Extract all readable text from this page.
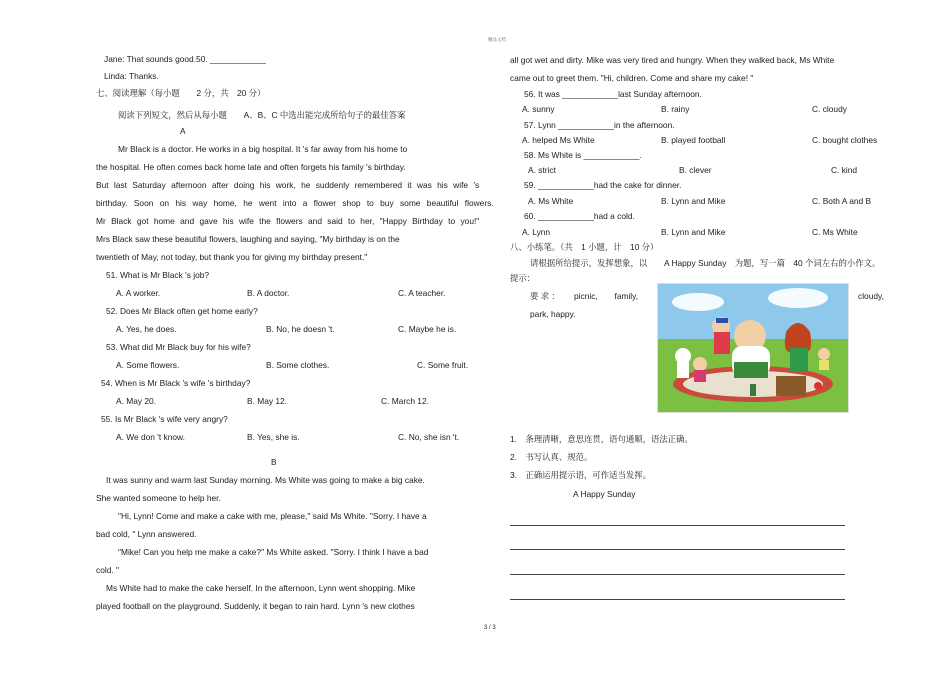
精品文档
3 / 3
Jane: That sounds good.50. ____________
Linda: Thanks.
七、阅读理解（每小题　　2 分，共　20 分）
阅读下列短文，然后从每小题　　A、B、C 中选出能完成所给句子的最佳答案
A
Mr Black is a doctor. He works in a big hospital. It 's far away from his home to
the hospital. He often comes back home late and often forgets his family 's birthday.
But last Saturday afternoon after doing his work, he suddenly remembered it was his wife 's
birthday. Soon on his way home, he went into a flower shop to buy some beautiful flowers.
Mr Black got home and gave his wife the flowers and said to her, "Happy Birthday to you!"
Mrs Black saw these beautiful flowers, laughing and saying, "My birthday is on the
twentieth of May, not today, but thank you for giving my birthday present."
51. What is Mr Black 's job?
A. A worker.	B. A doctor.	C. A teacher.
52. Does Mr Black often get home early?
A. Yes, he does.	B. No, he doesn 't.	C. Maybe he is.
53. What did Mr Black buy for his wife?
A. Some flowers.	B. Some clothes.	C. Some fruit.
54. When is Mr Black 's wife 's birthday?
A. May 20.	B. May 12.	C. March 12.
55. Is Mr Black 's wife very angry?
A. We don 't know.	B. Yes, she is.	C. No, she isn 't.
B
It was sunny and warm last Sunday morning. Ms White was going to make a big cake.
She wanted someone to help her.
"Hi, Lynn! Come and make a cake with me, please," said Ms White. "Sorry. I have a
bad cold, " Lynn answered.
"Mike! Can you help me make a cake?" Ms White asked. "Sorry. I think I have a bad
cold. "
Ms White had to make the cake herself. In the afternoon, Lynn went shopping. Mike
played football on the playground. Suddenly, it began to rain hard. Lynn 's new clothes
all got wet and dirty. Mike was very tired and hungry. When they walked back, Ms White
came out to greet them. "Hi, children. Come and share my cake! "
56. It was ____________last Sunday afternoon.
A. sunny	B. rainy	C. cloudy
57. Lynn ____________in the afternoon.
A. helped Ms White	B. played football	C. bought clothes
58. Ms White is ____________.
A. strict	B. clever	C. kind
59. ____________had the cake for dinner.
A. Ms White	B. Lynn and Mike	C. Both A and B
60. ____________had a cold.
A. Lynn	B. Lynn and Mike	C. Ms White
八、小练笔。（共　1 小题，计　10 分）
请根据所给提示，发挥想象，以　　A Happy Sunday　为题，写一篇　40 个词左右的小作文。
提示：
要 求 ： picnic,　　family,	cloudy,
park, happy.
1.　条理清晰，意思连贯，语句通顺，语法正确。
2.　书写认真、规范。
3.　正确运用提示语，可作适当发挥。
A Happy Sunday
